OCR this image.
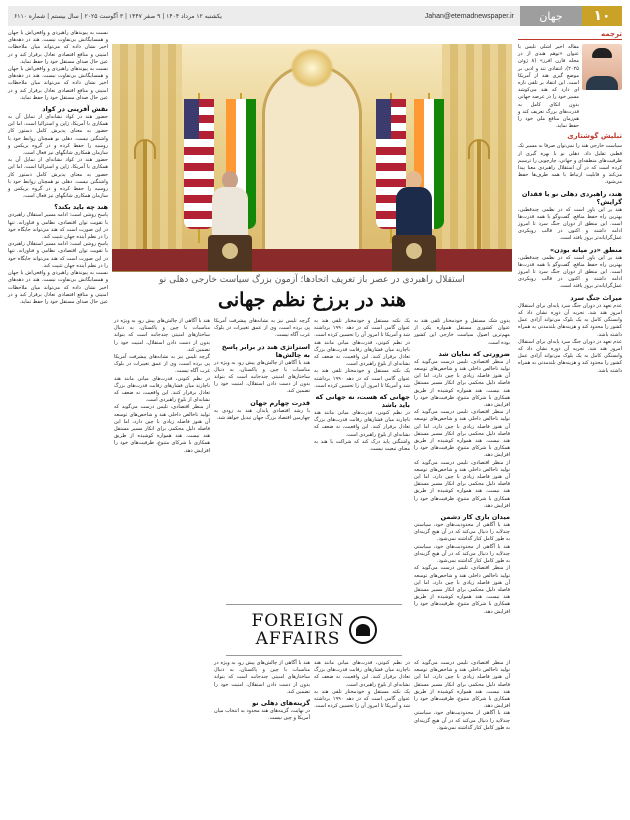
۱۰
جهان
Jahan@etemadnewspaper.ir
یکشنبه ۱۲ مرداد ۱۴۰۴ | ۹ صفر ۱۴۴۷ | ۳ آگوست ۲۰۲۵ | سال بیستم | شماره ۶۱۱۰
ترجمه
مقاله اخیر اشلی تلیس با عنوان «توهم هندی از در مجله فارن افرز» (۸ ژوئن ۲۰۲۵)، انتقادی تند و ادبی بر موضع گیری هند از آمریکا است. این انتقاد بر تلقی تازه ای دارد که هند می‌کوشد مسیر خود را در عرصه جهانی بدون اتکای کامل به قدرت‌های بزرگ تعریف کند و هم‌زمان منافع ملی خود را حفظ نماید.
تبلیش گوشتاری
سیاست خارجی هند را نمی‌توان صرفا به مسیر تک قطبی تقلیل داد. دهلی نو با بهره گیری از ظرفیت‌های منطقه‌ای و جهانی، چارچوبی را ترسیم کرده است که در آن استقلال راهبردی معنا پیدا می‌کند و قابلیت ارتباط با همه طرف‌ها حفظ می‌شود.
هند، راهبردی دهلی نو یا فقدان گرایش؟
هند بر این باور است که در نظمی چندقطبی، بهترین راه حفظ منافع، گفت‌وگو با همه قدرت‌ها است. این منطق از دوران جنگ سرد تا امروز ادامه داشته و اکنون در قالب رویکردی عمل‌گرایانه‌تر بروز یافته است.
منطق «در میانه بودن»
هند بر این باور است که در نظمی چندقطبی، بهترین راه حفظ منافع، گفت‌وگو با همه قدرت‌ها است. این منطق از دوران جنگ سرد تا امروز ادامه داشته و اکنون در قالب رویکردی عمل‌گرایانه‌تر بروز یافته است.
میراث جنگ سرد
عدم تعهد در دوران جنگ سرد پایه‌ای برای استقلال امروز هند شد. تجربه آن دوره نشان داد که وابستگی کامل به یک بلوک می‌تواند آزادی عمل کشور را محدود کند و هزینه‌های بلندمدتی به همراه داشته باشد.
عدم تعهد در دوران جنگ سرد پایه‌ای برای استقلال امروز هند شد. تجربه آن دوره نشان داد که وابستگی کامل به یک بلوک می‌تواند آزادی عمل کشور را محدود کند و هزینه‌های بلندمدتی به همراه داشته باشد.
نسبت به پیوندهای راهبردی و واقعی‌اش با جهان و همسایگانش بی‌تفاوت نیست. هند در دهه‌های اخیر نشان داده که می‌تواند میان ملاحظات امنیتی و منافع اقتصادی تعادل برقرار کند و در عین حال صدای مستقل خود را حفظ نماید.
نسبت به پیوندهای راهبردی و واقعی‌اش با جهان و همسایگانش بی‌تفاوت نیست. هند در دهه‌های اخیر نشان داده که می‌تواند میان ملاحظات امنیتی و منافع اقتصادی تعادل برقرار کند و در عین حال صدای مستقل خود را حفظ نماید.
نقش آفرینی در کواد
حضور هند در کواد نشانه‌ای از تمایل آن به همکاری با آمریکا، ژاپن و استرالیا است، اما این حضور به معنای پذیرش کامل دستور کار واشنگتن نیست. دهلی نو همچنان روابط خود با روسیه را حفظ کرده و در گروه بریکس و سازمان همکاری شانگهای نیز فعال است.
حضور هند در کواد نشانه‌ای از تمایل آن به همکاری با آمریکا، ژاپن و استرالیا است، اما این حضور به معنای پذیرش کامل دستور کار واشنگتن نیست. دهلی نو همچنان روابط خود با روسیه را حفظ کرده و در گروه بریکس و سازمان همکاری شانگهای نیز فعال است.
هند چه باید بکند؟
پاسخ روشن است: ادامه مسیر استقلال راهبردی با تقویت توان اقتصادی، نظامی و فناورانه. تنها در این صورت است که هند می‌تواند جایگاه خود را در نظم آینده جهان تثبیت کند.
پاسخ روشن است: ادامه مسیر استقلال راهبردی با تقویت توان اقتصادی، نظامی و فناورانه. تنها در این صورت است که هند می‌تواند جایگاه خود را در نظم آینده جهان تثبیت کند.
نسبت به پیوندهای راهبردی و واقعی‌اش با جهان و همسایگانش بی‌تفاوت نیست. هند در دهه‌های اخیر نشان داده که می‌تواند میان ملاحظات امنیتی و منافع اقتصادی تعادل برقرار کند و در عین حال صدای مستقل خود را حفظ نماید.
استقلال راهبردی در عصر باز تعریف اتحادها؛ آزمون بزرگ سیاست خارجی دهلی نو
هند در برزخ نظم جهانی
بدون شک مستقل و خودمختار تلقی هند به عنوان کشوری مستقل همواره یکی از مهم‌ترین اصول سیاست خارجی این کشور بوده است.
ضرورتی که نمایان شد
از منظر اقتصادی، تلیس درست می‌گوید که تولید ناخالص داخلی هند و شاخص‌های توسعه آن هنوز فاصله زیادی با چین دارد، اما این فاصله دلیل محکمی برای انکار مسیر مستقل هند نیست. هند همواره کوشیده از طریق همکاری با شرکای متنوع، ظرفیت‌های خود را افزایش دهد.
از منظر اقتصادی، تلیس درست می‌گوید که تولید ناخالص داخلی هند و شاخص‌های توسعه آن هنوز فاصله زیادی با چین دارد، اما این فاصله دلیل محکمی برای انکار مسیر مستقل هند نیست. هند همواره کوشیده از طریق همکاری با شرکای متنوع، ظرفیت‌های خود را افزایش دهد.
از منظر اقتصادی، تلیس درست می‌گوید که تولید ناخالص داخلی هند و شاخص‌های توسعه آن هنوز فاصله زیادی با چین دارد، اما این فاصله دلیل محکمی برای انکار مسیر مستقل هند نیست. هند همواره کوشیده از طریق همکاری با شرکای متنوع، ظرفیت‌های خود را افزایش دهد.
میدان بازی کار دشمن
هند با آگاهی از محدودیت‌های خود، سیاستی چندلایه را دنبال می‌کند که در آن هیچ گزینه‌ای به طور کامل کنار گذاشته نمی‌شود.
هند با آگاهی از محدودیت‌های خود، سیاستی چندلایه را دنبال می‌کند که در آن هیچ گزینه‌ای به طور کامل کنار گذاشته نمی‌شود.
از منظر اقتصادی، تلیس درست می‌گوید که تولید ناخالص داخلی هند و شاخص‌های توسعه آن هنوز فاصله زیادی با چین دارد، اما این فاصله دلیل محکمی برای انکار مسیر مستقل هند نیست. هند همواره کوشیده از طریق همکاری با شرکای متنوع، ظرفیت‌های خود را افزایش دهد.
یک نکته مستقل و خودمختار تلقی هند به عنوان گامی است که در دهه ۱۹۹۰ برداشته شد و آمریکا تا امروز آن را تحسین کرده است.
در نظم کنونی، قدرت‌های میانی مانند هند ناچارند میان فشارهای رقابت قدرت‌های بزرگ تعادل برقرار کنند. این واقعیت، نه ضعف که نشانه‌ای از بلوغ راهبردی است.
یک نکته مستقل و خودمختار تلقی هند به عنوان گامی است که در دهه ۱۹۹۰ برداشته شد و آمریکا تا امروز آن را تحسین کرده است.
جهانی که هست، نه جهانی که باید باشد
در نظم کنونی، قدرت‌های میانی مانند هند ناچارند میان فشارهای رقابت قدرت‌های بزرگ تعادل برقرار کنند. این واقعیت، نه ضعف که نشانه‌ای از بلوغ راهبردی است.
واشنگتن باید درک کند که شراکت با هند به معنای تبعیت نیست.
گرچه تلیس نیز به نشانه‌های پیشرفت آمریکا پی برده است، وی از عمق تغییرات در بلوک غرب آگاه نیست.
استراتژی هند در برابر پاسخ به چالش‌ها
هند با آگاهی از چالش‌های پیش رو، به ویژه در مناسبات با چین و پاکستان، به دنبال ساختارهای امنیتی چندجانبه است که بتواند بدون از دست دادن استقلال، امنیت خود را تضمین کند.
قدرت چهارم جهان
با رشد اقتصادی پایدار، هند به زودی به چهارمین اقتصاد بزرگ جهان تبدیل خواهد شد.
هند با آگاهی از چالش‌های پیش رو، به ویژه در مناسبات با چین و پاکستان، به دنبال ساختارهای امنیتی چندجانبه است که بتواند بدون از دست دادن استقلال، امنیت خود را تضمین کند.
گرچه تلیس نیز به نشانه‌های پیشرفت آمریکا پی برده است، وی از عمق تغییرات در بلوک غرب آگاه نیست.
در نظم کنونی، قدرت‌های میانی مانند هند ناچارند میان فشارهای رقابت قدرت‌های بزرگ تعادل برقرار کنند. این واقعیت، نه ضعف که نشانه‌ای از بلوغ راهبردی است.
از منظر اقتصادی، تلیس درست می‌گوید که تولید ناخالص داخلی هند و شاخص‌های توسعه آن هنوز فاصله زیادی با چین دارد، اما این فاصله دلیل محکمی برای انکار مسیر مستقل هند نیست. هند همواره کوشیده از طریق همکاری با شرکای متنوع، ظرفیت‌های خود را افزایش دهد.
FOREIGN
AFFAIRS
از منظر اقتصادی، تلیس درست می‌گوید که تولید ناخالص داخلی هند و شاخص‌های توسعه آن هنوز فاصله زیادی با چین دارد، اما این فاصله دلیل محکمی برای انکار مسیر مستقل هند نیست. هند همواره کوشیده از طریق همکاری با شرکای متنوع، ظرفیت‌های خود را افزایش دهد.
هند با آگاهی از محدودیت‌های خود، سیاستی چندلایه را دنبال می‌کند که در آن هیچ گزینه‌ای به طور کامل کنار گذاشته نمی‌شود.
در نظم کنونی، قدرت‌های میانی مانند هند ناچارند میان فشارهای رقابت قدرت‌های بزرگ تعادل برقرار کنند. این واقعیت، نه ضعف که نشانه‌ای از بلوغ راهبردی است.
یک نکته مستقل و خودمختار تلقی هند به عنوان گامی است که در دهه ۱۹۹۰ برداشته شد و آمریکا تا امروز آن را تحسین کرده است.
هند با آگاهی از چالش‌های پیش رو، به ویژه در مناسبات با چین و پاکستان، به دنبال ساختارهای امنیتی چندجانبه است که بتواند بدون از دست دادن استقلال، امنیت خود را تضمین کند.
گزینه‌های دهلی نو
در نهایت، گزینه‌های هند محدود به انتخاب میان آمریکا و چین نیست.
